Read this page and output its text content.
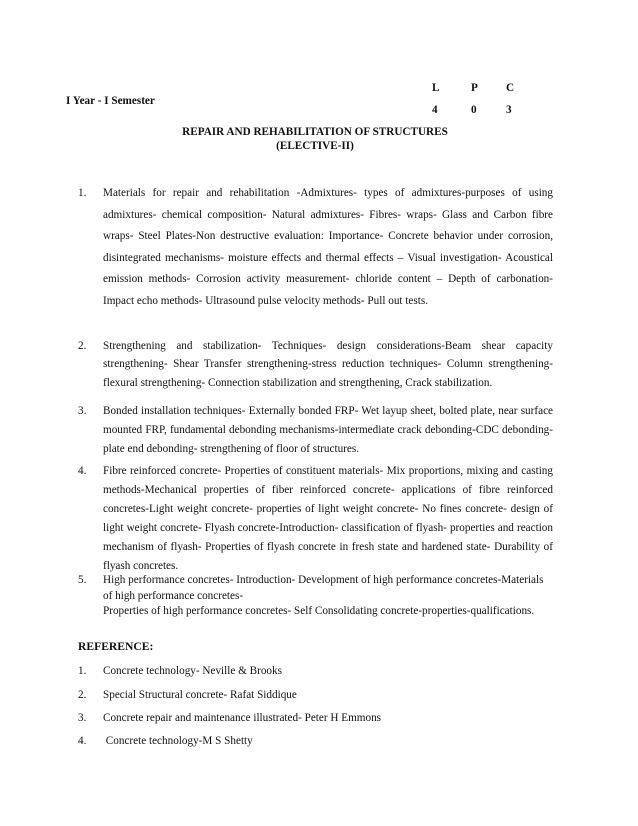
I Year - I Semester
L	P	C
4	0	3
REPAIR AND REHABILITATION OF STRUCTURES
(ELECTIVE-II)
1.	Materials for repair and rehabilitation -Admixtures- types of admixtures-purposes of using admixtures- chemical composition- Natural admixtures- Fibres- wraps- Glass and Carbon fibre wraps- Steel Plates-Non destructive evaluation: Importance- Concrete behavior under corrosion, disintegrated mechanisms- moisture effects and thermal effects – Visual investigation- Acoustical emission methods- Corrosion activity measurement- chloride content – Depth of carbonation- Impact echo methods- Ultrasound pulse velocity methods- Pull out tests.
2.	Strengthening and stabilization- Techniques- design considerations-Beam shear capacity strengthening- Shear Transfer strengthening-stress reduction techniques- Column strengthening-flexural strengthening- Connection stabilization and strengthening, Crack stabilization.
3.	Bonded installation techniques- Externally bonded FRP- Wet layup sheet, bolted plate, near surface mounted FRP, fundamental debonding mechanisms-intermediate crack debonding-CDC debonding- plate end debonding- strengthening of floor of structures.
4.	Fibre reinforced concrete- Properties of constituent materials- Mix proportions, mixing and casting methods-Mechanical properties of fiber reinforced concrete- applications of fibre reinforced concretes-Light weight concrete- properties of light weight concrete- No fines concrete- design of light weight concrete- Flyash concrete-Introduction- classification of flyash- properties and reaction mechanism of flyash- Properties of flyash concrete in fresh state and hardened state- Durability of flyash concretes.
5.	High performance concretes- Introduction- Development of high performance concretes-Materials of high performance concretes-
Properties of high performance concretes- Self Consolidating concrete-properties-qualifications.
REFERENCE:
1. Concrete technology- Neville & Brooks
2. Special Structural concrete- Rafat Siddique
3. Concrete repair and maintenance illustrated- Peter H Emmons
4. Concrete technology-M S Shetty
